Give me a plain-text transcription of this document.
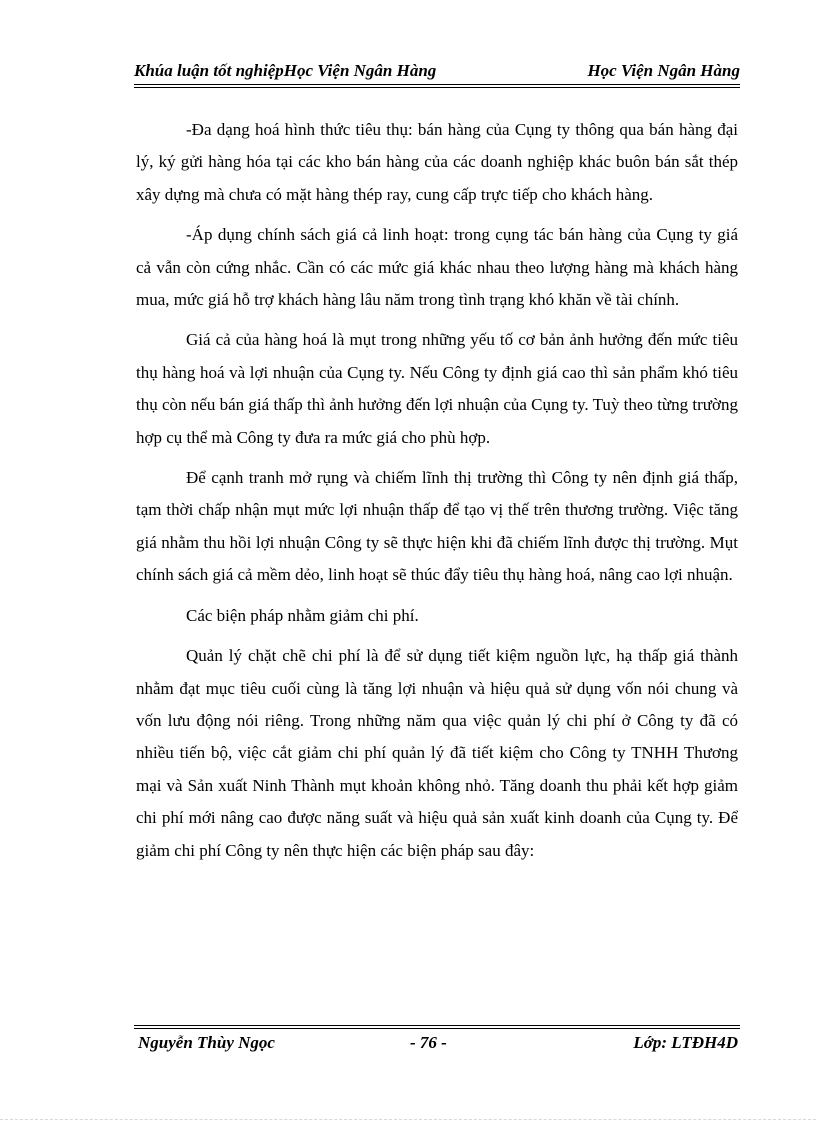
Khúa luận tốt nghiệpHọc Viện Ngân Hàng	Học Viện Ngân Hàng

-Đa dạng hoá hình thức tiêu thụ: bán hàng của Cụng ty thông qua bán hàng đại lý, ký gửi hàng hóa tại các kho bán hàng của các doanh nghiệp khác buôn bán sắt thép xây dựng mà chưa có mặt hàng thép ray, cung cấp trực tiếp cho khách hàng.

-Áp dụng chính sách giá cả linh hoạt: trong cụng tác bán hàng của Cụng ty giá cả vẫn còn cứng nhắc. Cần có các mức giá khác nhau theo lượng hàng mà khách hàng mua, mức giá hỗ trợ khách hàng lâu năm trong tình trạng khó khăn về tài chính.

Giá cả của hàng hoá là mụt trong những yếu tố cơ bản ảnh hưởng đến mức tiêu thụ hàng hoá và lợi nhuận của Cụng ty. Nếu Công ty định giá cao thì sản phẩm khó tiêu thụ còn nếu bán giá thấp thì ảnh hưởng đến lợi nhuận của Cụng ty. Tuỳ theo từng trường hợp cụ thể mà Công ty đưa ra mức giá cho phù hợp.

Để cạnh tranh mở rụng và chiếm lĩnh thị trường thì Công ty nên định giá thấp, tạm thời chấp nhận mụt mức lợi nhuận thấp để tạo vị thế trên thương trường. Việc tăng giá nhằm thu hồi lợi nhuận Công ty sẽ thực hiện khi đã chiếm lĩnh được thị trường. Mụt chính sách giá cả mềm dẻo, linh hoạt sẽ thúc đẩy tiêu thụ hàng hoá, nâng cao lợi nhuận.

Các biện pháp nhằm giảm chi phí.

Quản lý chặt chẽ chi phí là để sử dụng tiết kiệm nguồn lực, hạ thấp giá thành nhằm đạt mục tiêu cuối cùng là tăng lợi nhuận và hiệu quả sử dụng vốn nói chung và vốn lưu động nói riêng. Trong những năm qua việc quản lý chi phí ở Công ty đã có nhiều tiến bộ, việc cắt giảm chi phí quản lý đã tiết kiệm cho Công ty TNHH Thương mại và Sản xuất Ninh Thành mụt khoản không nhỏ. Tăng doanh thu phải kết hợp giảm chi phí mới nâng cao được năng suất và hiệu quả sản xuất kinh doanh của Cụng ty. Để giảm chi phí Công ty nên thực hiện các biện pháp sau đây:

Nguyễn Thùy Ngọc	- 76 -	Lớp: LTĐH4D
